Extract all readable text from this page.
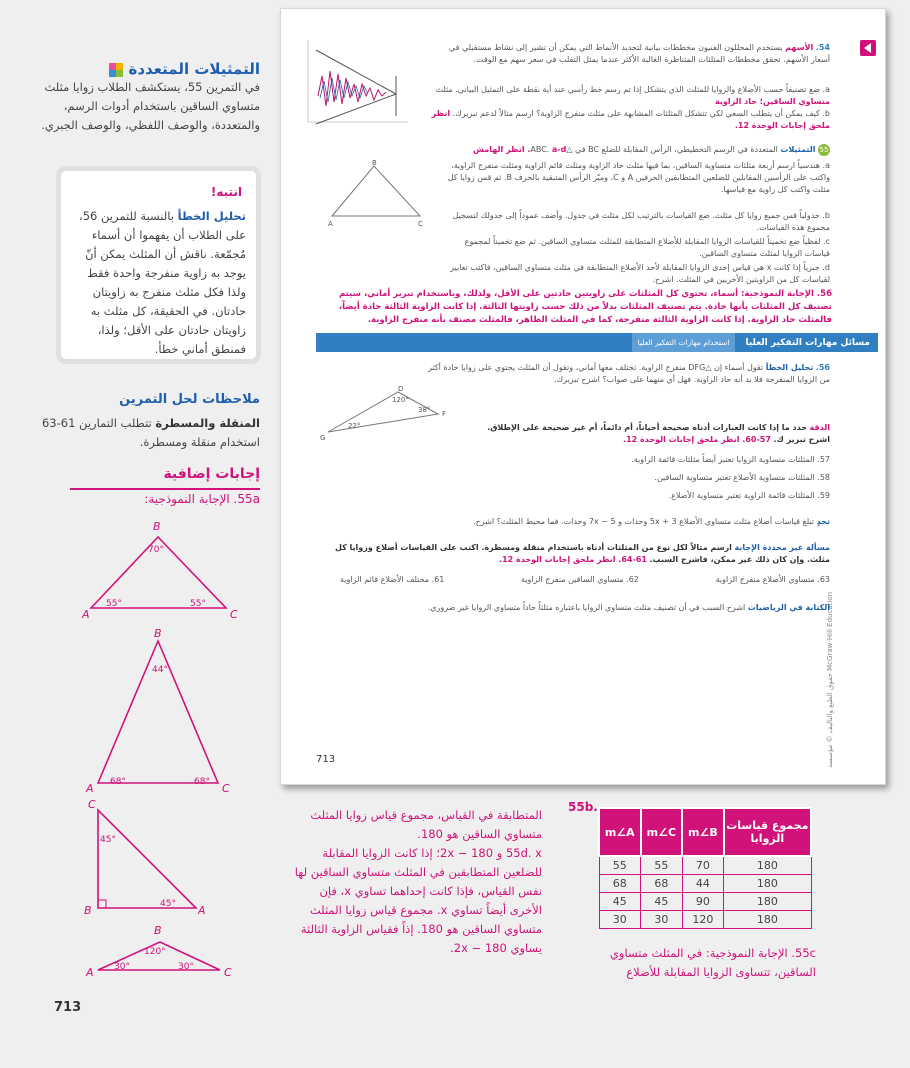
التمثيلات المتعددة
في التمرين 55، يستكشف الطلاب زوايا مثلث متساوي الساقين باستخدام أدوات الرسم، والمتعددة، والوصف اللفظي، والوصف الجبري.
انتبه!
تحليل الخطأ بالنسبة للتمرين 56، على الطلاب أن يفهموا أن أسماء مُجمّعة. ناقش أن المثلث يمكن أنّ يوجد به زاوية منفرجة واحدة فقط ولذا فكل مثلث منفرج به زاويتان حادتان. في الحقيقة، كل مثلث به زاويتان حادتان على الأقل؛ ولذا، فمنطق أماني خطأ.
ملاحظات لحل التمرين
المنقلة والمسطرة تتطلب التمارين 61-63 استخدام منقلة ومسطرة.
إجابات إضافية
55a. الإجابة النموذجية:
B
A	C
70°
55°	55°
B
A	C
44°
68°	68°
C
B	A
45°
45°
B
A	C
120°
30°	30°
713
حقوق الطبع والتأليف © مؤسسة McGraw-Hill Education
54. الأسهم يستخدم المحللون الفنيون مخططات بيانية لتحديد الأنماط التي يمكن أن تشير إلى نشاط مستقبلي في أسعار الأسهم. تحقق مخططات المثلثات المتناظرة الغالبة الأكثر عندما يمثل التقلب في سعر سهم مع الوقت.
a. ضع تصنيفاً حسب الأضلاع والزوايا للمثلث الذي يتشكل إذا تم رسم خط رأسي عند أية نقطة على التمثيل البياني. مثلث متساوي الساقين؛ حاد الزاوية
b. كيف يمكن أن يتطلب السعي لكي تتشكل المثلثات المشابهة على مثلث منفرج الزاوية؟ ارسم مثالاً لدعم تبريرك. انظر ملحق إجابات الوحدة 12.
55 التمثيلات المتعددة في الرسم التخطيطي، الرأس المقابلة للضلع BC في △ABC. a-d. انظر الهامش
A
B
C
a. هندسياً ارسم أربعة مثلثات متساوية الساقين، بما فيها مثلث حاد الزاوية ومثلث قائم الزاوية ومثلث منفرج الزاوية، واكتب على الرأسين المقابلين للضلعين المتطابقين الحرفين A و C، وميّز الرأس المتبقية بالحرف B. ثم قس زوايا كل مثلث واكتب كل زاوية مع قياسها.
b. جدولياً قس جميع زوايا كل مثلث. ضع القياسات بالترتيب لكل مثلث في جدول. وأضف عموداً إلى جدولك لتسجيل مجموع هذه القياسات.
c. لفظياً ضع تخميناً للقياسات الزوايا المقابلة للأضلاع المتطابقة للمثلث متساوي الساقين. ثم ضع تخميناً لمجموع قياسات الزوايا لمثلث متساوي الساقين.
d. جبرياً إذا كانت x هي قياس إحدى الزوايا المقابلة لأحد الأضلاع المتطابقة في مثلث متساوي الساقين، فاكتب تعابير لقياسات كل من الزاويتين الأخريين في المثلث. اشرح.
56. الإجابة النموذجية: أسماء، تحتوي كل المثلثات على زاويتين حادتين على الأقل، ولذلك، وباستخدام تبرير أماني، سيتم تصنيف كل المثلثات بأنها حادة. يتم تصنيف المثلثات بدلاً من ذلك حسب زاويتها الثالثة. إذا كانت الزاوية الثالثة حادة أيضاً، فالمثلث حاد الزاوية. إذا كانت الزاوية الثالثة منفرجة، كما في المثلث الظاهر، فالمثلث مصنف بأنه منفرج الزاوية.
مسائل مهارات التفكير العليااستخدام مهارات التفكير العليا
56. تحليل الخطأ تقول أسماء إن △DFG منفرج الزاوية. تختلف معها أماني، وتقول أن المثلث يحتوي على زوايا حادة أكثر من الزوايا المنفرجة فلا بد أنه حاد الزاوية. فهل أي منهما على صواب؟ اشرح تبريرك.
G
D
F
120°
38°
22°	الدقة حدد ما إذا كانت العبارات أدناه صحيحة أحياناً، أم دائماً، أم غير صحيحة على الإطلاق. اشرح تبرير ك. 57-60. انظر ملحق إجابات الوحدة 12.
57. المثلثات متساوية الزوايا تعتبر أيضاً مثلثات قائمة الزاوية.
58. المثلثات متساوية الأضلاع تعتبر متساوية الساقين.
59. المثلثات قائمة الزاوية تعتبر متساوية الأضلاع.
تحدٍ تبلغ قياسات أضلاع مثلث متساوي الأضلاع 3 + 5x وحدات و 5 − 7x وحدات. فما محيط المثلث؟ اشرح.
مسألة غير محددة الإجابة ارسم مثالاً لكل نوع من المثلثات أدناه باستخدام منقلة ومسطرة. اكتب على القياسات أضلاع وزوايا كل مثلث. وإن كان ذلك غير ممكن، فاشرح السبب. 61-64. انظر ملحق إجابات الوحدة 12.
61. مختلف الأضلاع قائم الزاوية	62. متساوي الساقين منفرج الزاوية	63. متساوي الأضلاع منفرج الزاوية
الكتابة في الرياضيات اشرح السبب في أن تصنيف مثلث متساوي الزوايا باعتباره مثلثاً حاداً متساوي الزوايا غير ضروري.
713
55b.
m∠A	m∠C	m∠B	مجموع قياسات الزوايا
55	55	70	180
68	68	44	180
45	45	90	180
30	30	120	180
55c. الإجابة النموذجية: في المثلث متساوي الساقين، تتساوى الزوايا المقابلة للأضلاع
المتطابقة في القياس، مجموع قياس زوايا المثلث متساوي الساقين هو 180.
55d. x و 2x − 180؛ إذا كانت الزوايا المقابلة للضلعين المتطابقين في المثلث متساوي الساقين لها نفس القياس، فإذا كانت إحداهما تساوي x، فإن الأخرى أيضاً تساوي x. مجموع قياس زوايا المثلث متساوي الساقين هو 180. إذاً فقياس الزاوية الثالثة يساوي 2x − 180.
